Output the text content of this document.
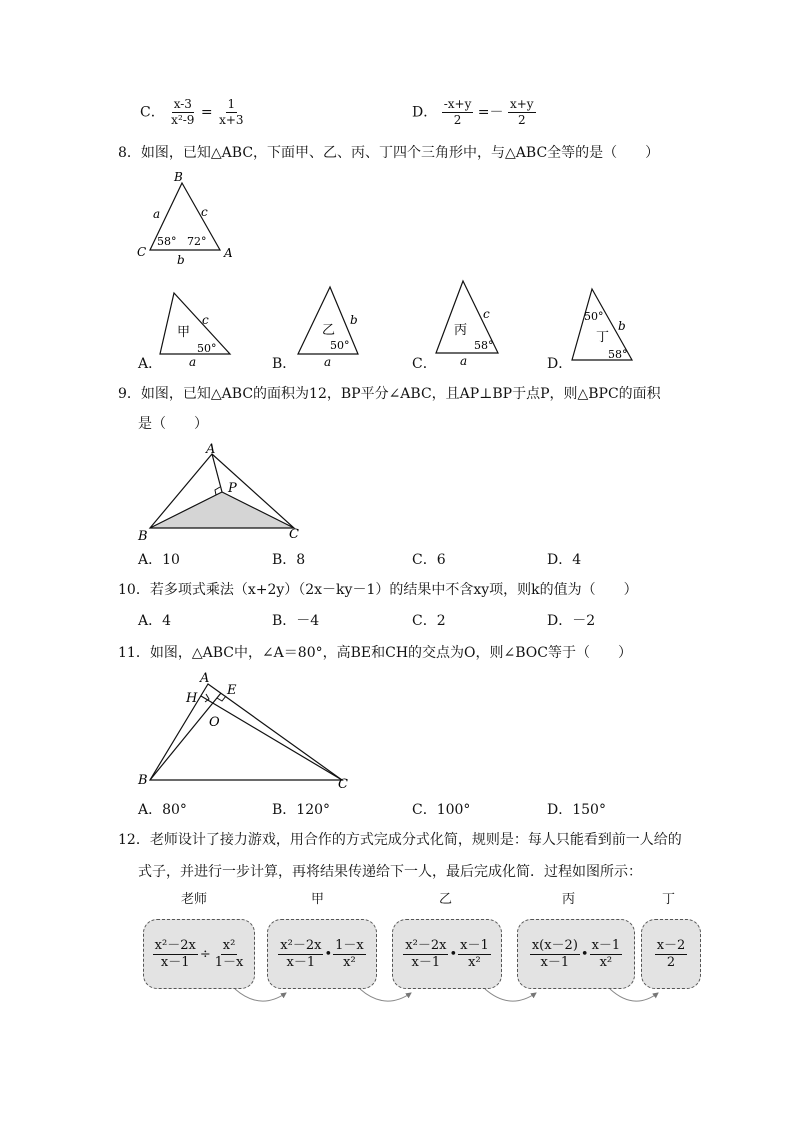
C． $\frac{x-3}{\text{x²-9}} = \frac{1}{x+3}$	D． $\frac{-x+y}{2} =- \frac{x+y}{2}$
8．如图，已知△ABC，下面甲、乙、丙、丁四个三角形中，与△ABC全等的是（　　）
B
C	A
a	c
b
58° 72°
A．
甲
c
a
50°
B．
乙
b
a
50°
C．
丙
c
a
58°
D．
50°
丁
b
58°
9．如图，已知△ABC的面积为12，BP平分∠ABC，且AP⊥BP于点P，则△BPC的面积
是（　　）
A
P
B	C
A．10	B．8	C．6	D．4
10．若多项式乘法（x+2y）（2x－ky－1）的结果中不含xy项，则k的值为（　　）
A．4	B．－4	C．2	D．－2
11．如图，△ABC中，∠A＝80°，高BE和CH的交点为O，则∠BOC等于（　　）
A
E
H
O
B	C
A．80°	B．120°	C．100°	D．150°
12．老师设计了接力游戏，用合作的方式完成分式化简，规则是：每人只能看到前一人给的
式子，并进行一步计算，再将结果传递给下一人，最后完成化简．过程如图所示：
老师	甲	乙	丙	丁
$\frac{\text{x²－2x}}{x-1} \div \frac{\text{x²}}{1-x}$	$\frac{\text{x²－2x}}{x-1}$ • $\frac{1-x}{\text{x²}}$	$\frac{\text{x²－2x}}{x-1}$ • $\frac{x-1}{\text{x²}}$	$\frac{x(x-2)}{x-1}$ • $\frac{x-1}{\text{x²}}$	$\frac{x-2}{2}$
